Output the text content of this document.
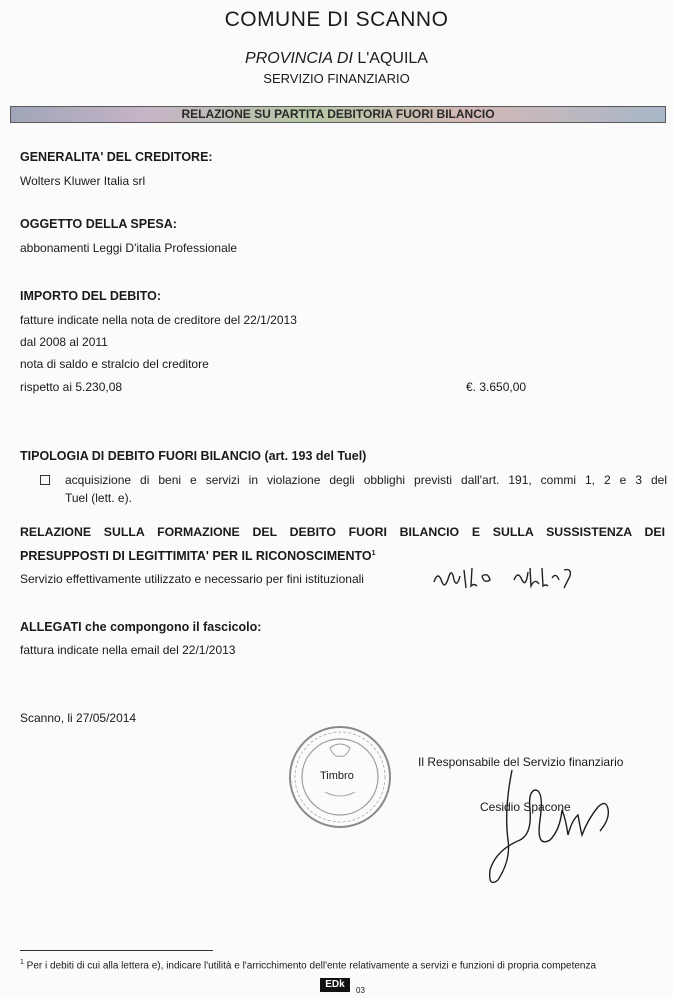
COMUNE DI SCANNO
PROVINCIA DI L'AQUILA
SERVIZIO FINANZIARIO
RELAZIONE SU PARTITA DEBITORIA FUORI BILANCIO
GENERALITA' DEL CREDITORE:
Wolters Kluwer Italia srl
OGGETTO DELLA SPESA:
abbonamenti Leggi D'italia Professionale
IMPORTO DEL DEBITO:
fatture indicate nella nota de creditore del 22/1/2013
dal 2008 al 2011
nota di saldo e stralcio del creditore
rispetto ai 5.230,08	€. 3.650,00
TIPOLOGIA DI DEBITO FUORI BILANCIO (art. 193 del Tuel)
acquisizione di beni e servizi in violazione degli obblighi previsti dall'art. 191, commi 1, 2 e 3 del
Tuel (lett. e).
RELAZIONE SULLA FORMAZIONE DEL DEBITO FUORI BILANCIO E SULLA SUSSISTENZA DEI
PRESUPPOSTI DI LEGITTIMITA' PER IL RICONOSCIMENTO$^1$
Servizio effettivamente utilizzato e necessario per fini istituzionali
ALLEGATI che compongono il fascicolo:
fattura indicate nella email del 22/1/2013
Scanno, li 27/05/2014
Timbro
Il Responsabile del Servizio finanziario
Cesidio Spacone
$^1$ Per i debiti di cui alla lettera e), indicare l'utilità e l'arricchimento dell'ente relativamente a servizi e funzioni di propria competenza
EDk
03
